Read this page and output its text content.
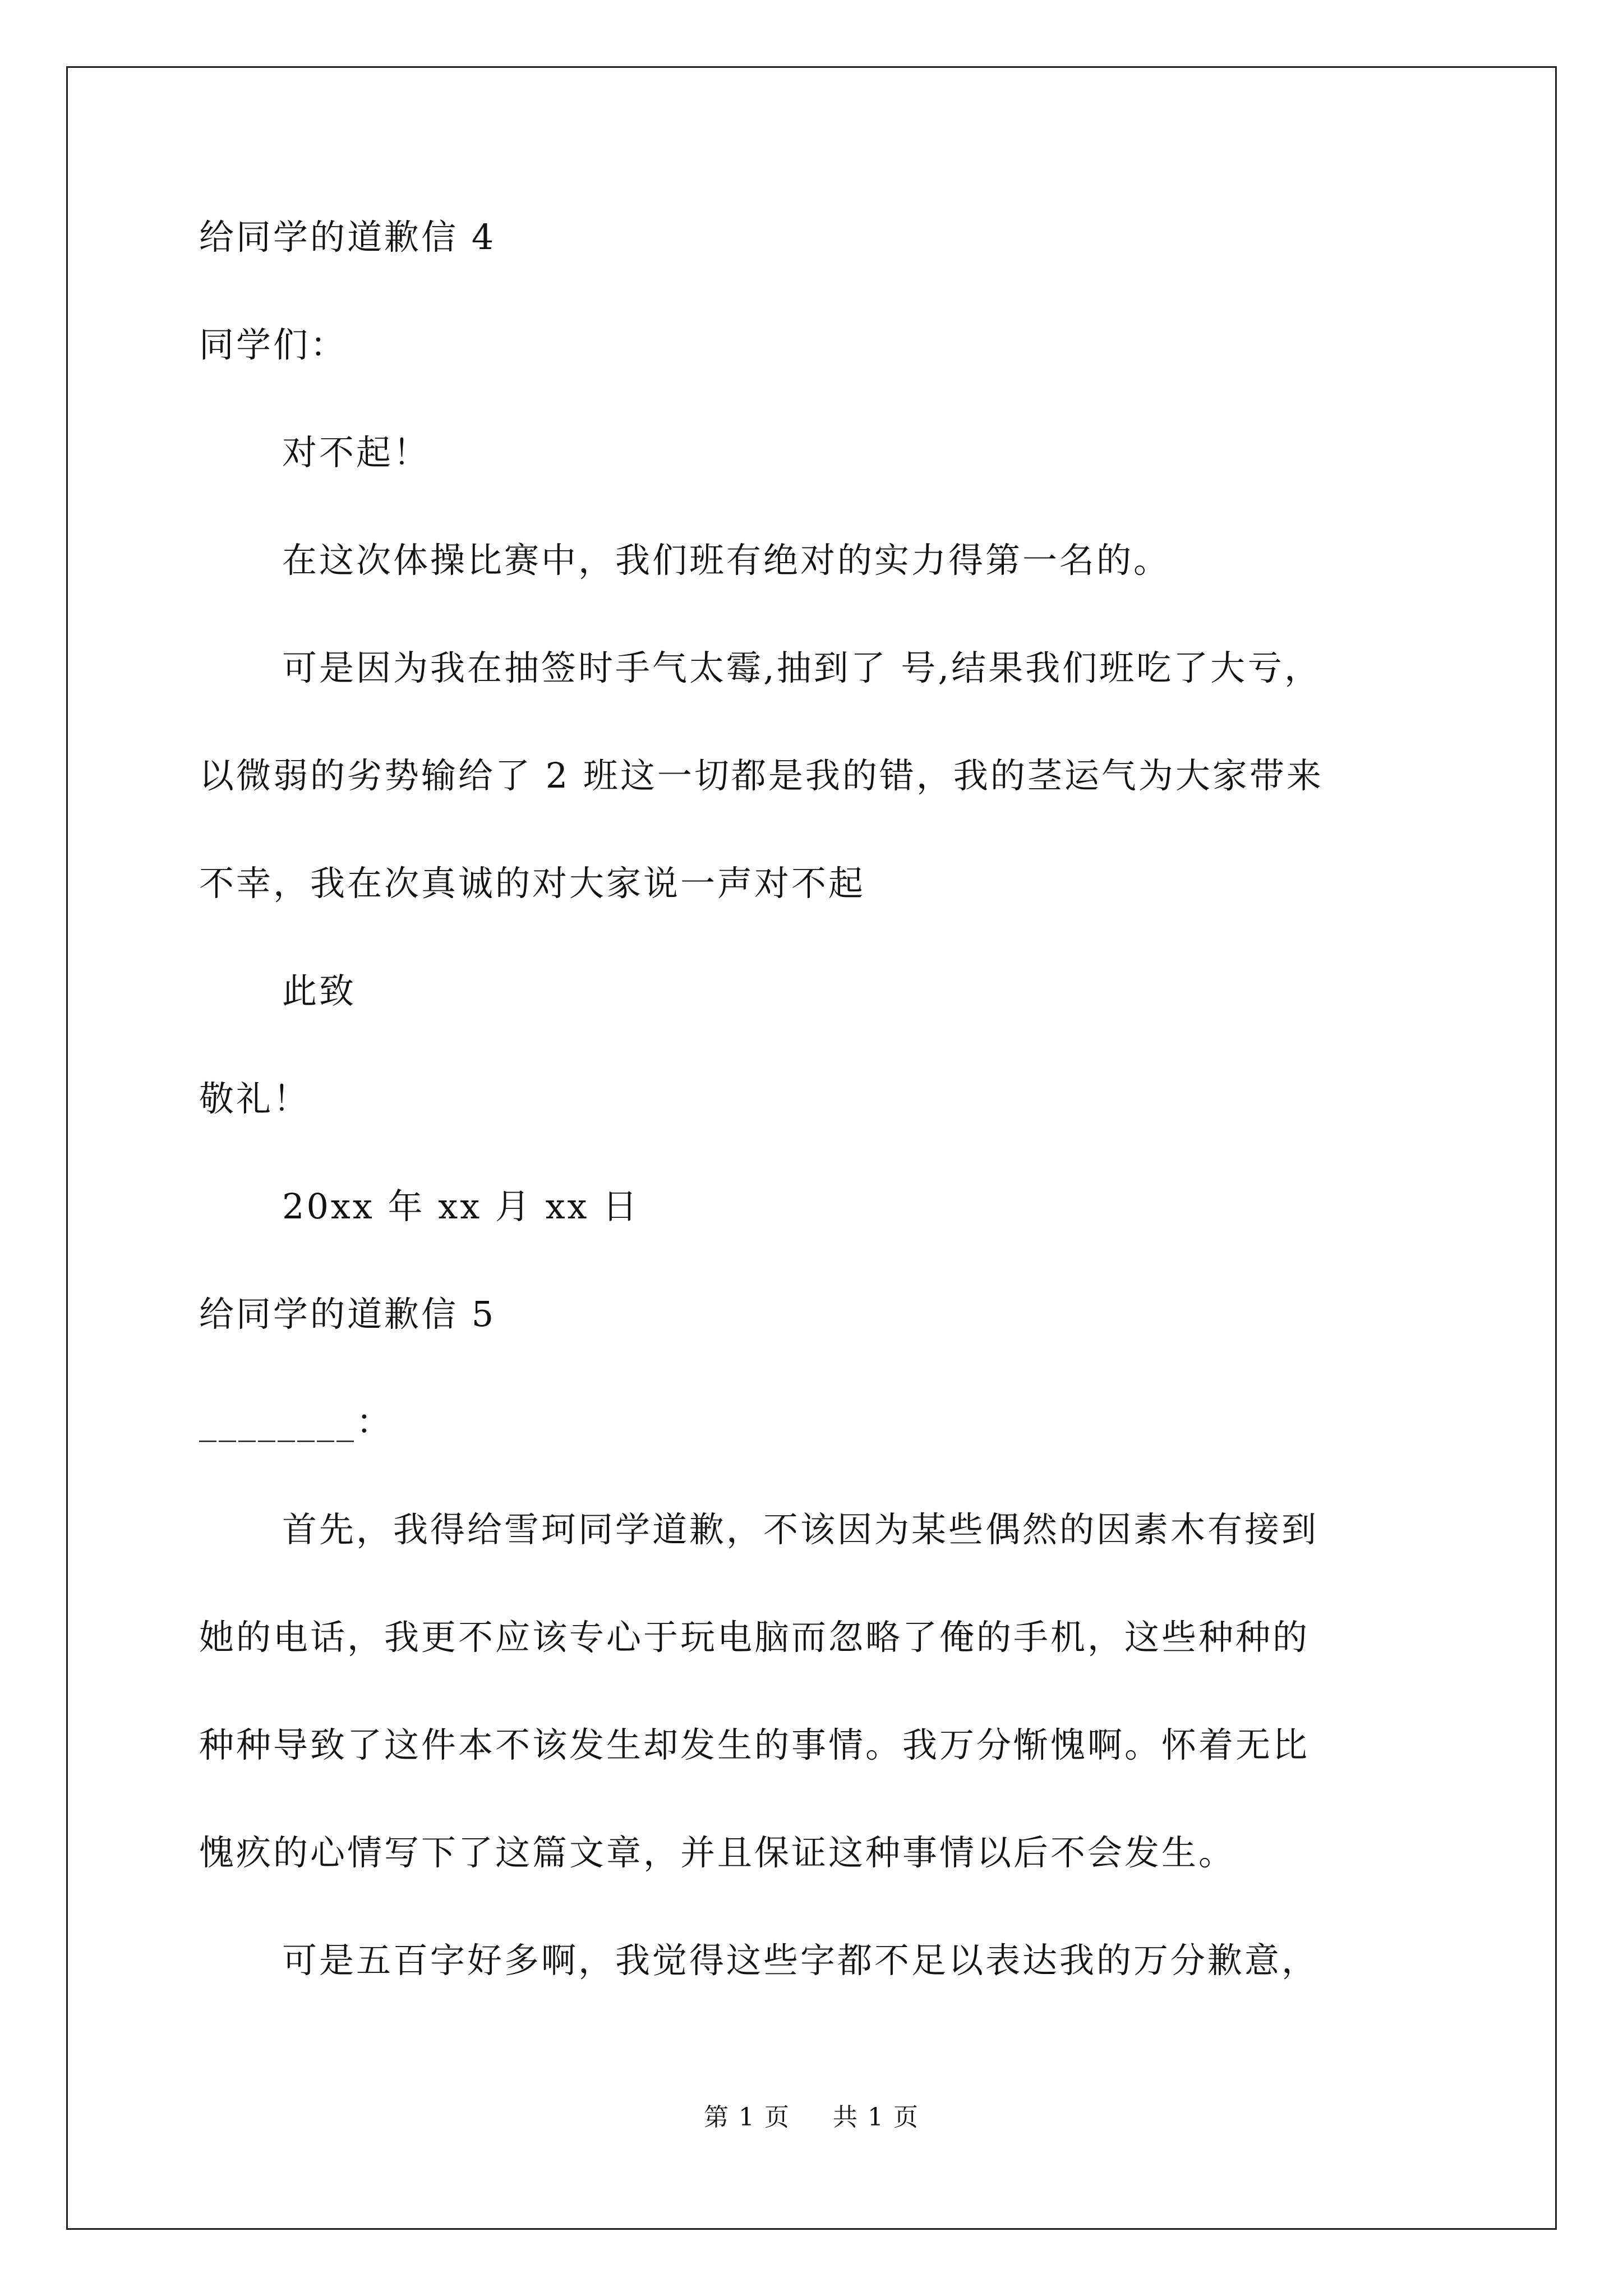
给同学的道歉信 4
同学们：
对不起！
在这次体操比赛中，我们班有绝对的实力得第一名的。
可是因为我在抽签时手气太霉,抽到了 号,结果我们班吃了大亏，
以微弱的劣势输给了 2 班这一切都是我的错，我的茎运气为大家带来
不幸，我在次真诚的对大家说一声对不起
此致
敬礼！
20xx 年 xx 月 xx 日
给同学的道歉信 5
________：
首先，我得给雪珂同学道歉，不该因为某些偶然的因素木有接到
她的电话，我更不应该专心于玩电脑而忽略了俺的手机，这些种种的
种种导致了这件本不该发生却发生的事情。我万分惭愧啊。怀着无比
愧疚的心情写下了这篇文章，并且保证这种事情以后不会发生。
可是五百字好多啊，我觉得这些字都不足以表达我的万分歉意，
第 1 页 共 1 页
